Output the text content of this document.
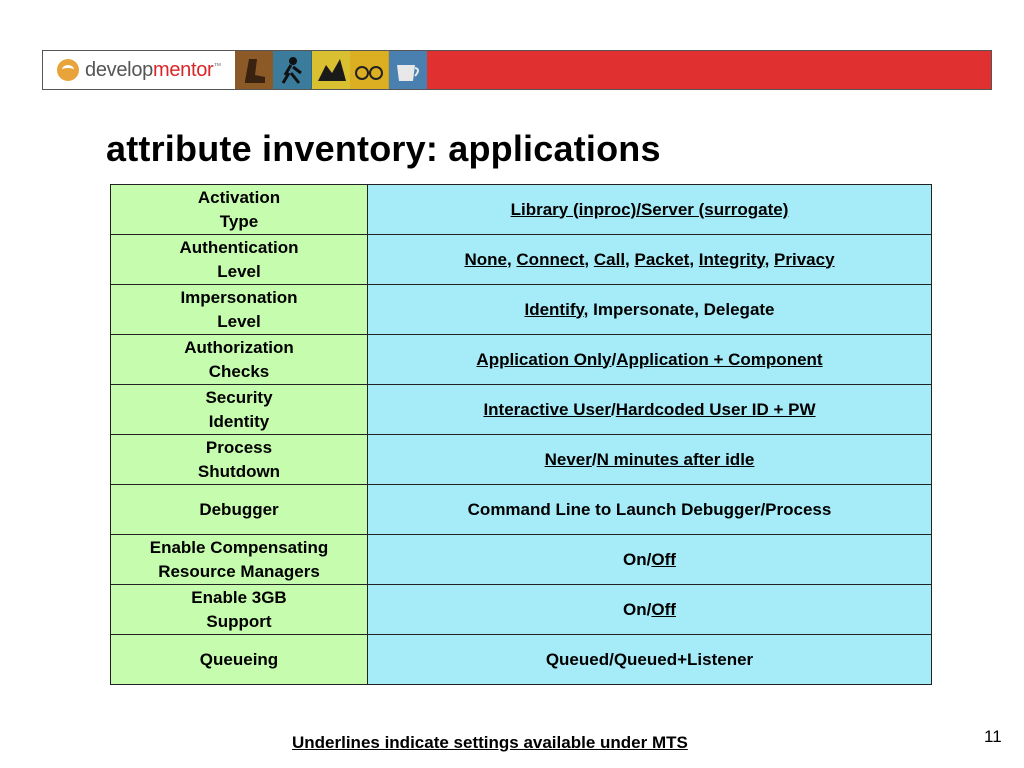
developmentor™
attribute inventory: applications
Activation
Type	Library (inproc)/Server (surrogate)
Authentication
Level	None, Connect, Call, Packet, Integrity, Privacy
Impersonation
Level	Identify, Impersonate, Delegate
Authorization
Checks	Application Only/Application + Component
Security
Identity	Interactive User/Hardcoded User ID + PW
Process
Shutdown	Never/N minutes after idle
Debugger	Command Line to Launch Debugger/Process
Enable Compensating
Resource Managers	On/Off
Enable 3GB
Support	On/Off
Queueing	Queued/Queued+Listener
Underlines indicate settings available under MTS	11
